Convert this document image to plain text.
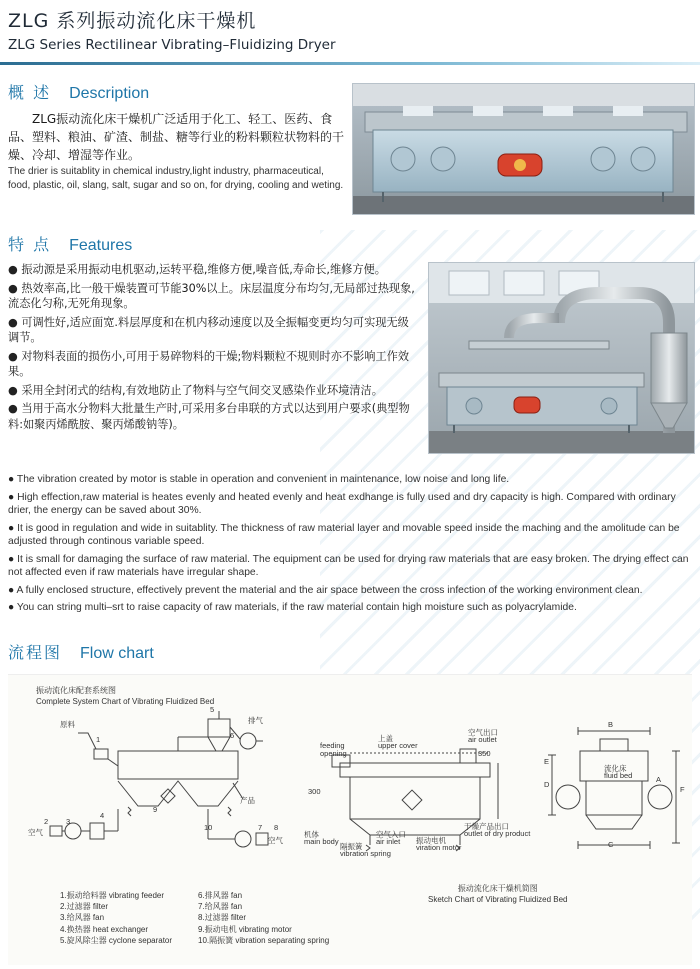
ZLG 系列振动流化床干燥机
ZLG Series Rectilinear Vibrating–Fluidizing Dryer
概 述 Description
ZLG振动流化床干燥机广泛适用于化工、轻工、医药、食品、塑料、粮油、矿渣、制盐、糖等行业的粉料颗粒状物料的干燥、冷却、增湿等作业。
The drier is suitablity in chemical industry,light industry, pharmaceutical, food, plastic, oil, slang, salt, sugar and so on, for drying, cooling and weting.
特 点 Features
● 振动源是采用振动电机驱动,运转平稳,维修方便,噪音低,寿命长,维修方便。
● 热效率高,比一般干燥装置可节能30%以上。床层温度分布均匀,无局部过热现象,流态化匀称,无死角现象。
● 可调性好,适应面宽.料层厚度和在机内移动速度以及全振幅变更均匀可实现无级调节。
● 对物料表面的损伤小,可用于易碎物料的干燥;物料颗粒不规则时亦不影响工作效果。
● 采用全封闭式的结构,有效地防止了物料与空气间交叉感染作业环境清洁。
● 当用于高水分物料大批量生产时,可采用多台串联的方式以达到用户要求(典型物料:如聚丙烯酰胺、聚丙烯酸钠等)。
● The vibration created by motor is stable in operation and convenient in maintenance, low noise and long life.
● High effection,raw material is heates evenly and heated evenly and heat exdhange is fully used and dry capacity is high. Compared with ordinary drier, the energy can be saved about 30%.
● It is good in regulation and wide in suitablity. The thickness of raw material layer and movable speed inside the maching and the amolitude can be adjusted through continous variable speed.
● It is small for damaging the surface of raw material. The equipment can be used for drying raw materials that are easy broken. The drying effect can not affected even if raw materials have irregular shape.
● A fully enclosed structure, effectively prevent the material and the air space between the cross infection of the working environment clean.
● You can string multi–srt to raise capacity of raw materials, if the raw material contain high moisture such as polyacrylamide.
流程图 Flow chart
振动流化床配套系统图
Complete System Chart of Vibrating Fluidized Bed
原料	排气
空气
空气
产品
1
2 3
4
5
6
7 8
9
10
上盖
upper cover
feeding
opening
空气出口
air outlet
350
300
机体
main body
隔振簧
vibration spring
空气入口
air inlet 振动电机
viration motor
干燥产品出口
outlet of dry product
B
C
D
E
F
A
流化床
fluid bed
1.振动给料器 vibrating feeder
2.过滤器 filter
3.给风器 fan
4.换热器 heat exchanger
5.旋风除尘器 cyclone separator
6.排风器 fan
7.给风器 fan
8.过滤器 filter
9.振动电机 vibrating motor
10.隔振簧 vibration separating spring
振动流化床干燥机简图
Sketch Chart of Vibrating Fluidized Bed
